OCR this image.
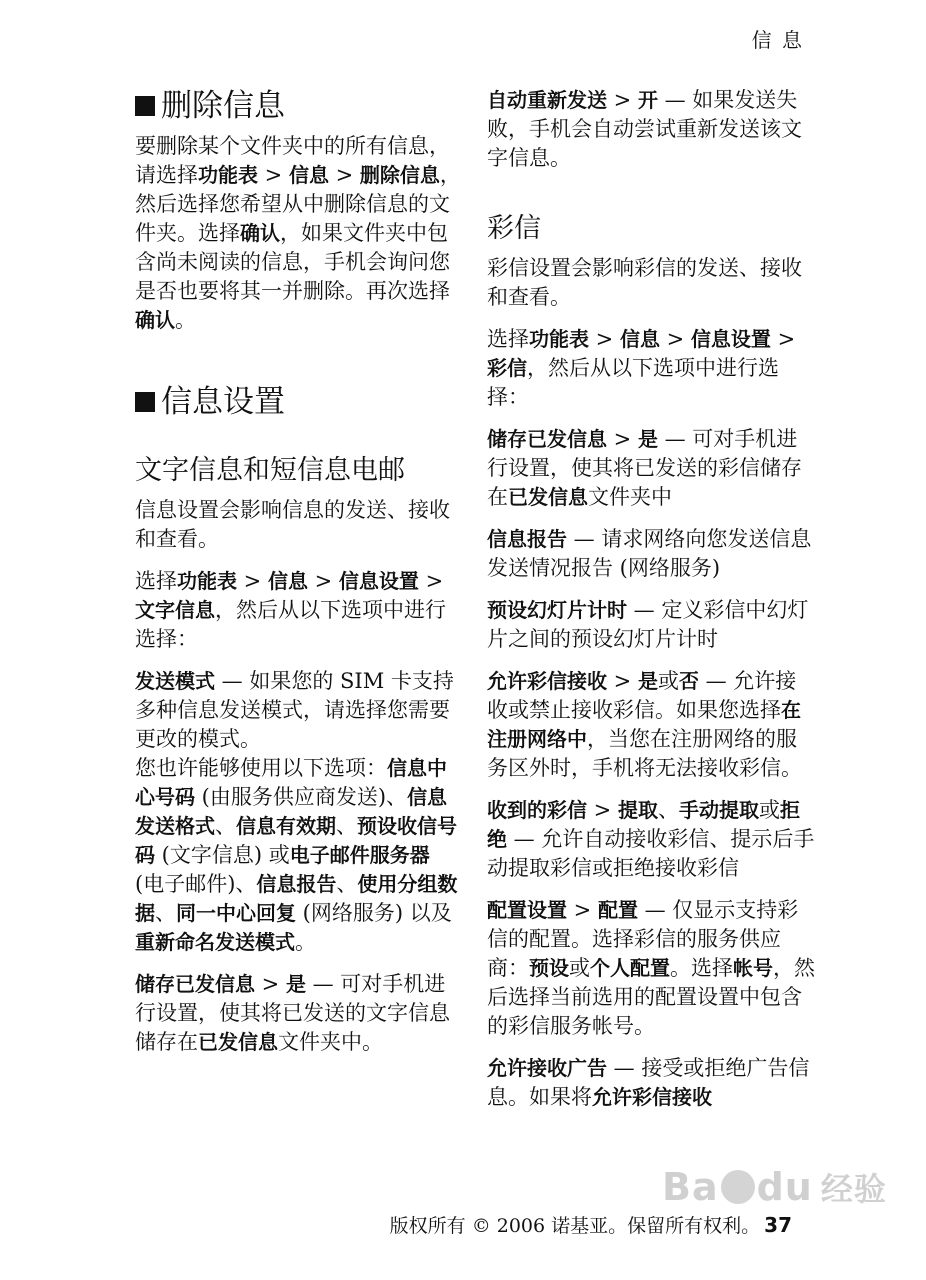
信 息
删除信息

要删除某个文件夹中的所有信息，请选择功能表 > 信息 > 删除信息，然后选择您希望从中删除信息的文件夹。选择确认，如果文件夹中包含尚未阅读的信息，手机会询问您是否也要将其一并删除。再次选择确认。

信息设置
文字信息和短信息电邮

信息设置会影响信息的发送、接收和查看。

选择功能表 > 信息 > 信息设置 > 文字信息，然后从以下选项中进行选择：

发送模式 — 如果您的 SIM 卡支持多种信息发送模式，请选择您需要更改的模式。

您也许能够使用以下选项：信息中心号码 (由服务供应商发送)、信息发送格式、信息有效期、预设收信号码 (文字信息) 或电子邮件服务器 (电子邮件)、信息报告、使用分组数据、同一中心回复 (网络服务) 以及重新命名发送模式。

储存已发信息 > 是 — 可对手机进行设置，使其将已发送的文字信息储存在已发信息文件夹中。

自动重新发送 > 开 — 如果发送失败，手机会自动尝试重新发送该文字信息。

彩信

彩信设置会影响彩信的发送、接收和查看。

选择功能表 > 信息 > 信息设置 > 彩信，然后从以下选项中进行选择：

储存已发信息 > 是 — 可对手机进行设置，使其将已发送的彩信储存在已发信息文件夹中

信息报告 — 请求网络向您发送信息发送情况报告 (网络服务)

预设幻灯片计时 — 定义彩信中幻灯片之间的预设幻灯片计时

允许彩信接收 > 是或否 — 允许接收或禁止接收彩信。如果您选择在注册网络中，当您在注册网络的服务区外时，手机将无法接收彩信。

收到的彩信 > 提取、手动提取或拒绝 — 允许自动接收彩信、提示后手动提取彩信或拒绝接收彩信

配置设置 > 配置 — 仅显示支持彩信的配置。选择彩信的服务供应商：预设或个人配置。选择帐号，然后选择当前选用的配置设置中包含的彩信服务帐号。

允许接收广告 — 接受或拒绝广告信息。如果将允许彩信接收

Ba du 经验
版权所有 © 2006 诺基亚。保留所有权利。 37
